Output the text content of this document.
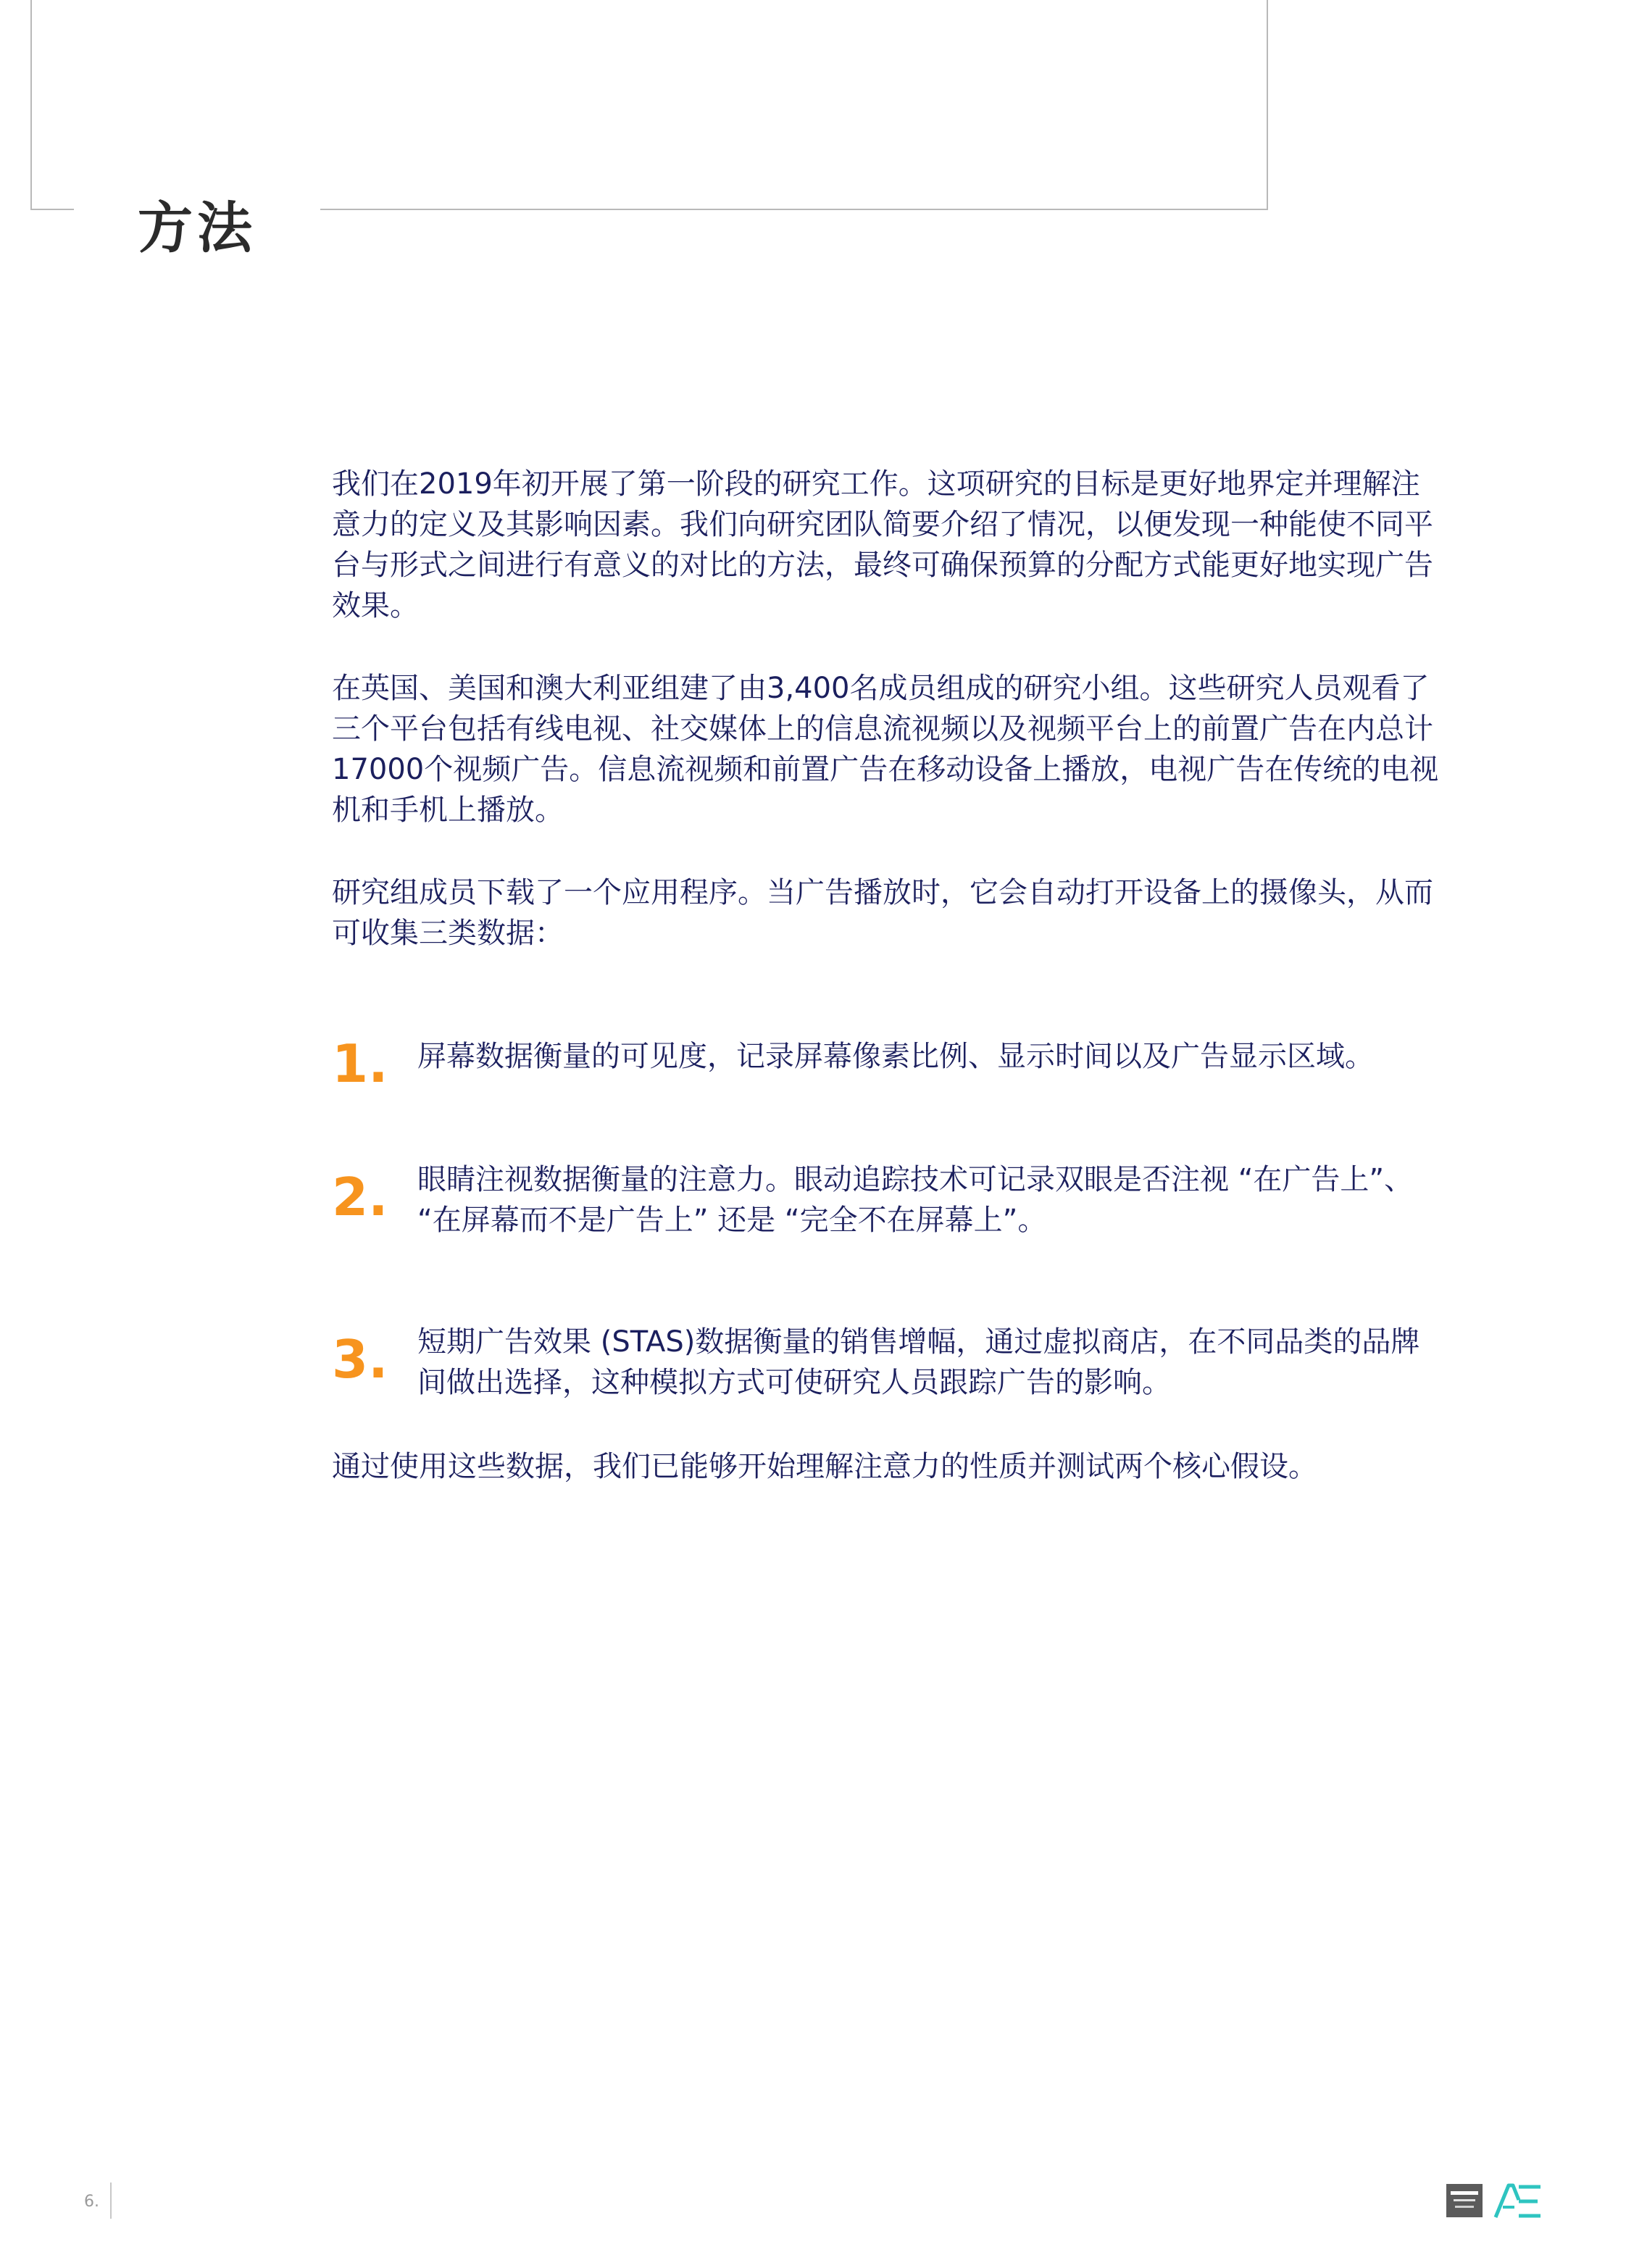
方法

我们在2019年初开展了第一阶段的研究工作。这项研究的目标是更好地界定并理解注意力的定义及其影响因素。我们向研究团队简要介绍了情况，以便发现一种能使不同平台与形式之间进行有意义的对比的方法，最终可确保预算的分配方式能更好地实现广告效果。

在英国、美国和澳大利亚组建了由3,400名成员组成的研究小组。这些研究人员观看了三个平台包括有线电视、社交媒体上的信息流视频以及视频平台上的前置广告在内总计17000个视频广告。信息流视频和前置广告在移动设备上播放，电视广告在传统的电视机和手机上播放。

研究组成员下载了一个应用程序。当广告播放时，它会自动打开设备上的摄像头，从而可收集三类数据：

1. 屏幕数据衡量的可见度，记录屏幕像素比例、显示时间以及广告显示区域。

2. 眼睛注视数据衡量的注意力。眼动追踪技术可记录双眼是否注视 “在广告上”、 “在屏幕而不是广告上” 还是 “完全不在屏幕上”。

3. 短期广告效果 (STAS)数据衡量的销售增幅，通过虚拟商店，在不同品类的品牌间做出选择，这种模拟方式可使研究人员跟踪广告的影响。

通过使用这些数据，我们已能够开始理解注意力的性质并测试两个核心假设。

6.
